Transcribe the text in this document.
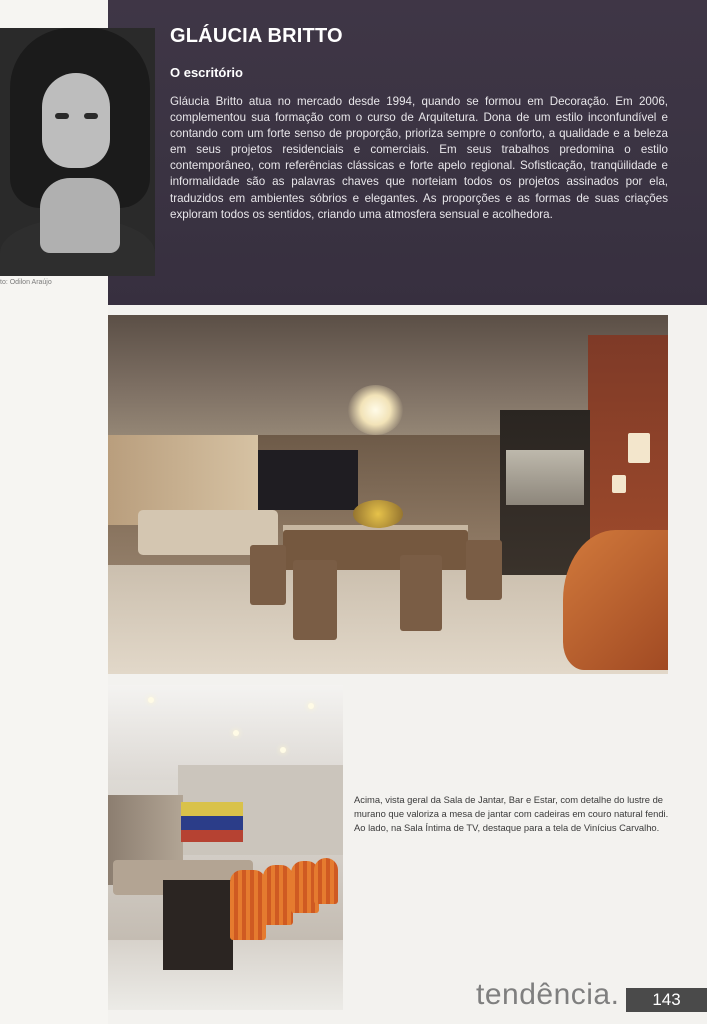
to: Odilon Araújo
GLÁUCIA BRITTO
O escritório

Gláucia Britto atua no mercado desde 1994, quando se formou em Decoração. Em 2006, complementou sua formação com o curso de Arquitetura. Dona de um estilo inconfundível e contando com um forte senso de proporção, prioriza sempre o conforto, a qualidade e a beleza em seus projetos residenciais e comerciais. Em seus trabalhos predomina o estilo contemporâneo, com referências clássicas e forte apelo regional. Sofisticação, tranqüilidade e informalidade são as palavras chaves que norteiam todos os projetos assinados por ela, traduzidos em ambientes sóbrios e elegantes. As proporções e as formas de suas criações exploram todos os sentidos, criando uma atmosfera sensual e acolhedora.

Acima, vista geral da Sala de Jantar, Bar e Estar, com detalhe do lustre de murano que valoriza a mesa de jantar com cadeiras em couro natural fendi. Ao lado, na Sala Íntima de TV, destaque para a tela de Vinícius Carvalho.

tendência.	143
